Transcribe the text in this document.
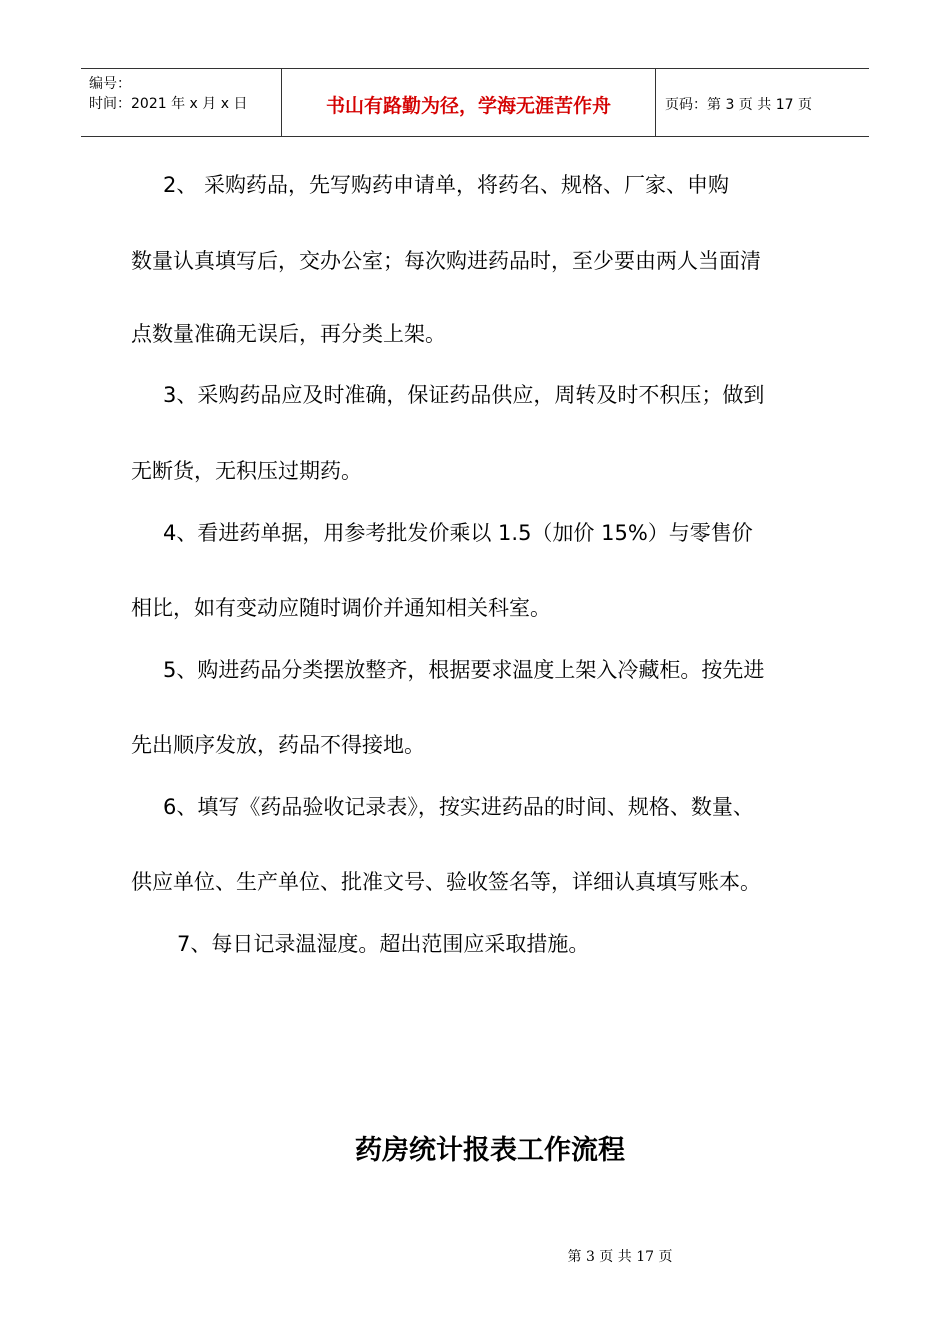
编号：
时间：2021 年 x 月 x 日	书山有路勤为径，学海无涯苦作舟	页码：第 3 页 共 17 页
2、 采购药品，先写购药申请单，将药名、规格、厂家、申购
数量认真填写后，交办公室；每次购进药品时，至少要由两人当面清
点数量准确无误后，再分类上架。
3、采购药品应及时准确，保证药品供应，周转及时不积压；做到
无断货，无积压过期药。
4、看进药单据，用参考批发价乘以 1.5（加价 15%）与零售价
相比，如有变动应随时调价并通知相关科室。
5、购进药品分类摆放整齐，根据要求温度上架入冷藏柜。按先进
先出顺序发放，药品不得接地。
6、填写《药品验收记录表》，按实进药品的时间、规格、数量、
供应单位、生产单位、批准文号、验收签名等，详细认真填写账本。
7、每日记录温湿度。超出范围应采取措施。
药房统计报表工作流程
第 3 页 共 17 页
